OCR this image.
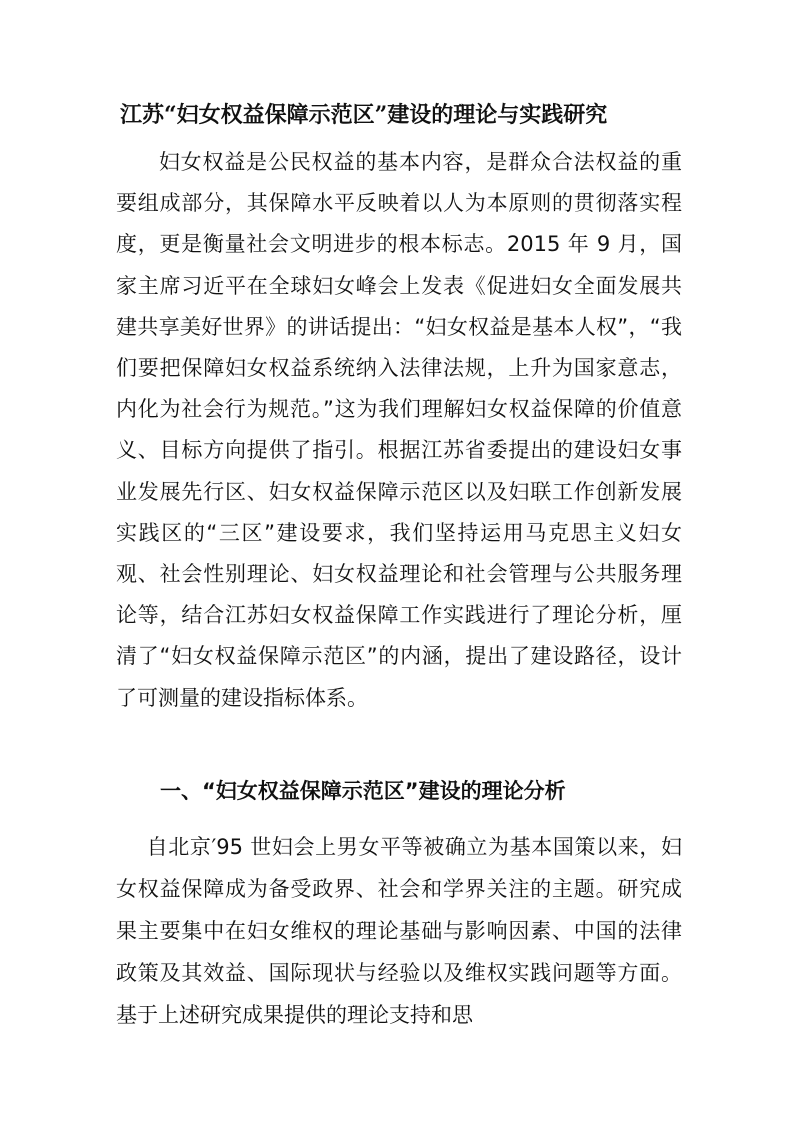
江苏“妇女权益保障示范区”建设的理论与实践研究
妇女权益是公民权益的基本内容，是群众合法权益的重要组成部分，其保障水平反映着以人为本原则的贯彻落实程度，更是衡量社会文明进步的根本标志。2015 年 9 月，国家主席习近平在全球妇女峰会上发表《促进妇女全面发展共建共享美好世界》的讲话提出：“妇女权益是基本人权”，“我们要把保障妇女权益系统纳入法律法规，上升为国家意志，内化为社会行为规范。”这为我们理解妇女权益保障的价值意义、目标方向提供了指引。根据江苏省委提出的建设妇女事业发展先行区、妇女权益保障示范区以及妇联工作创新发展实践区的“三区”建设要求，我们坚持运用马克思主义妇女观、社会性别理论、妇女权益理论和社会管理与公共服务理论等，结合江苏妇女权益保障工作实践进行了理论分析，厘清了“妇女权益保障示范区”的内涵，提出了建设路径，设计了可测量的建设指标体系。
一、“妇女权益保障示范区”建设的理论分析
自北京′95 世妇会上男女平等被确立为基本国策以来，妇女权益保障成为备受政界、社会和学界关注的主题。研究成果主要集中在妇女维权的理论基础与影响因素、中国的法律政策及其效益、国际现状与经验以及维权实践问题等方面。基于上述研究成果提供的理论支持和思
